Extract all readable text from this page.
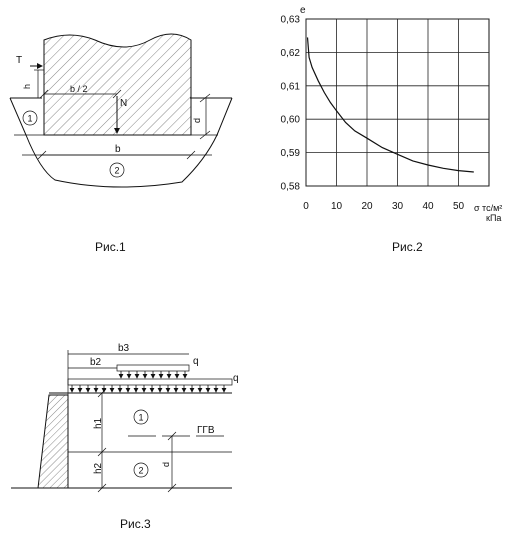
T
h	b / 2
N
d
b
1
2
Рис.1
0 10 20 30 40 50
0,58
0,59
0,60
0,61
0,62
0,63
e
σ тс/м²
кПа
Рис.2
b3
b2	q
q
h1
h2	d
ГГВ
1
2
Рис.3
